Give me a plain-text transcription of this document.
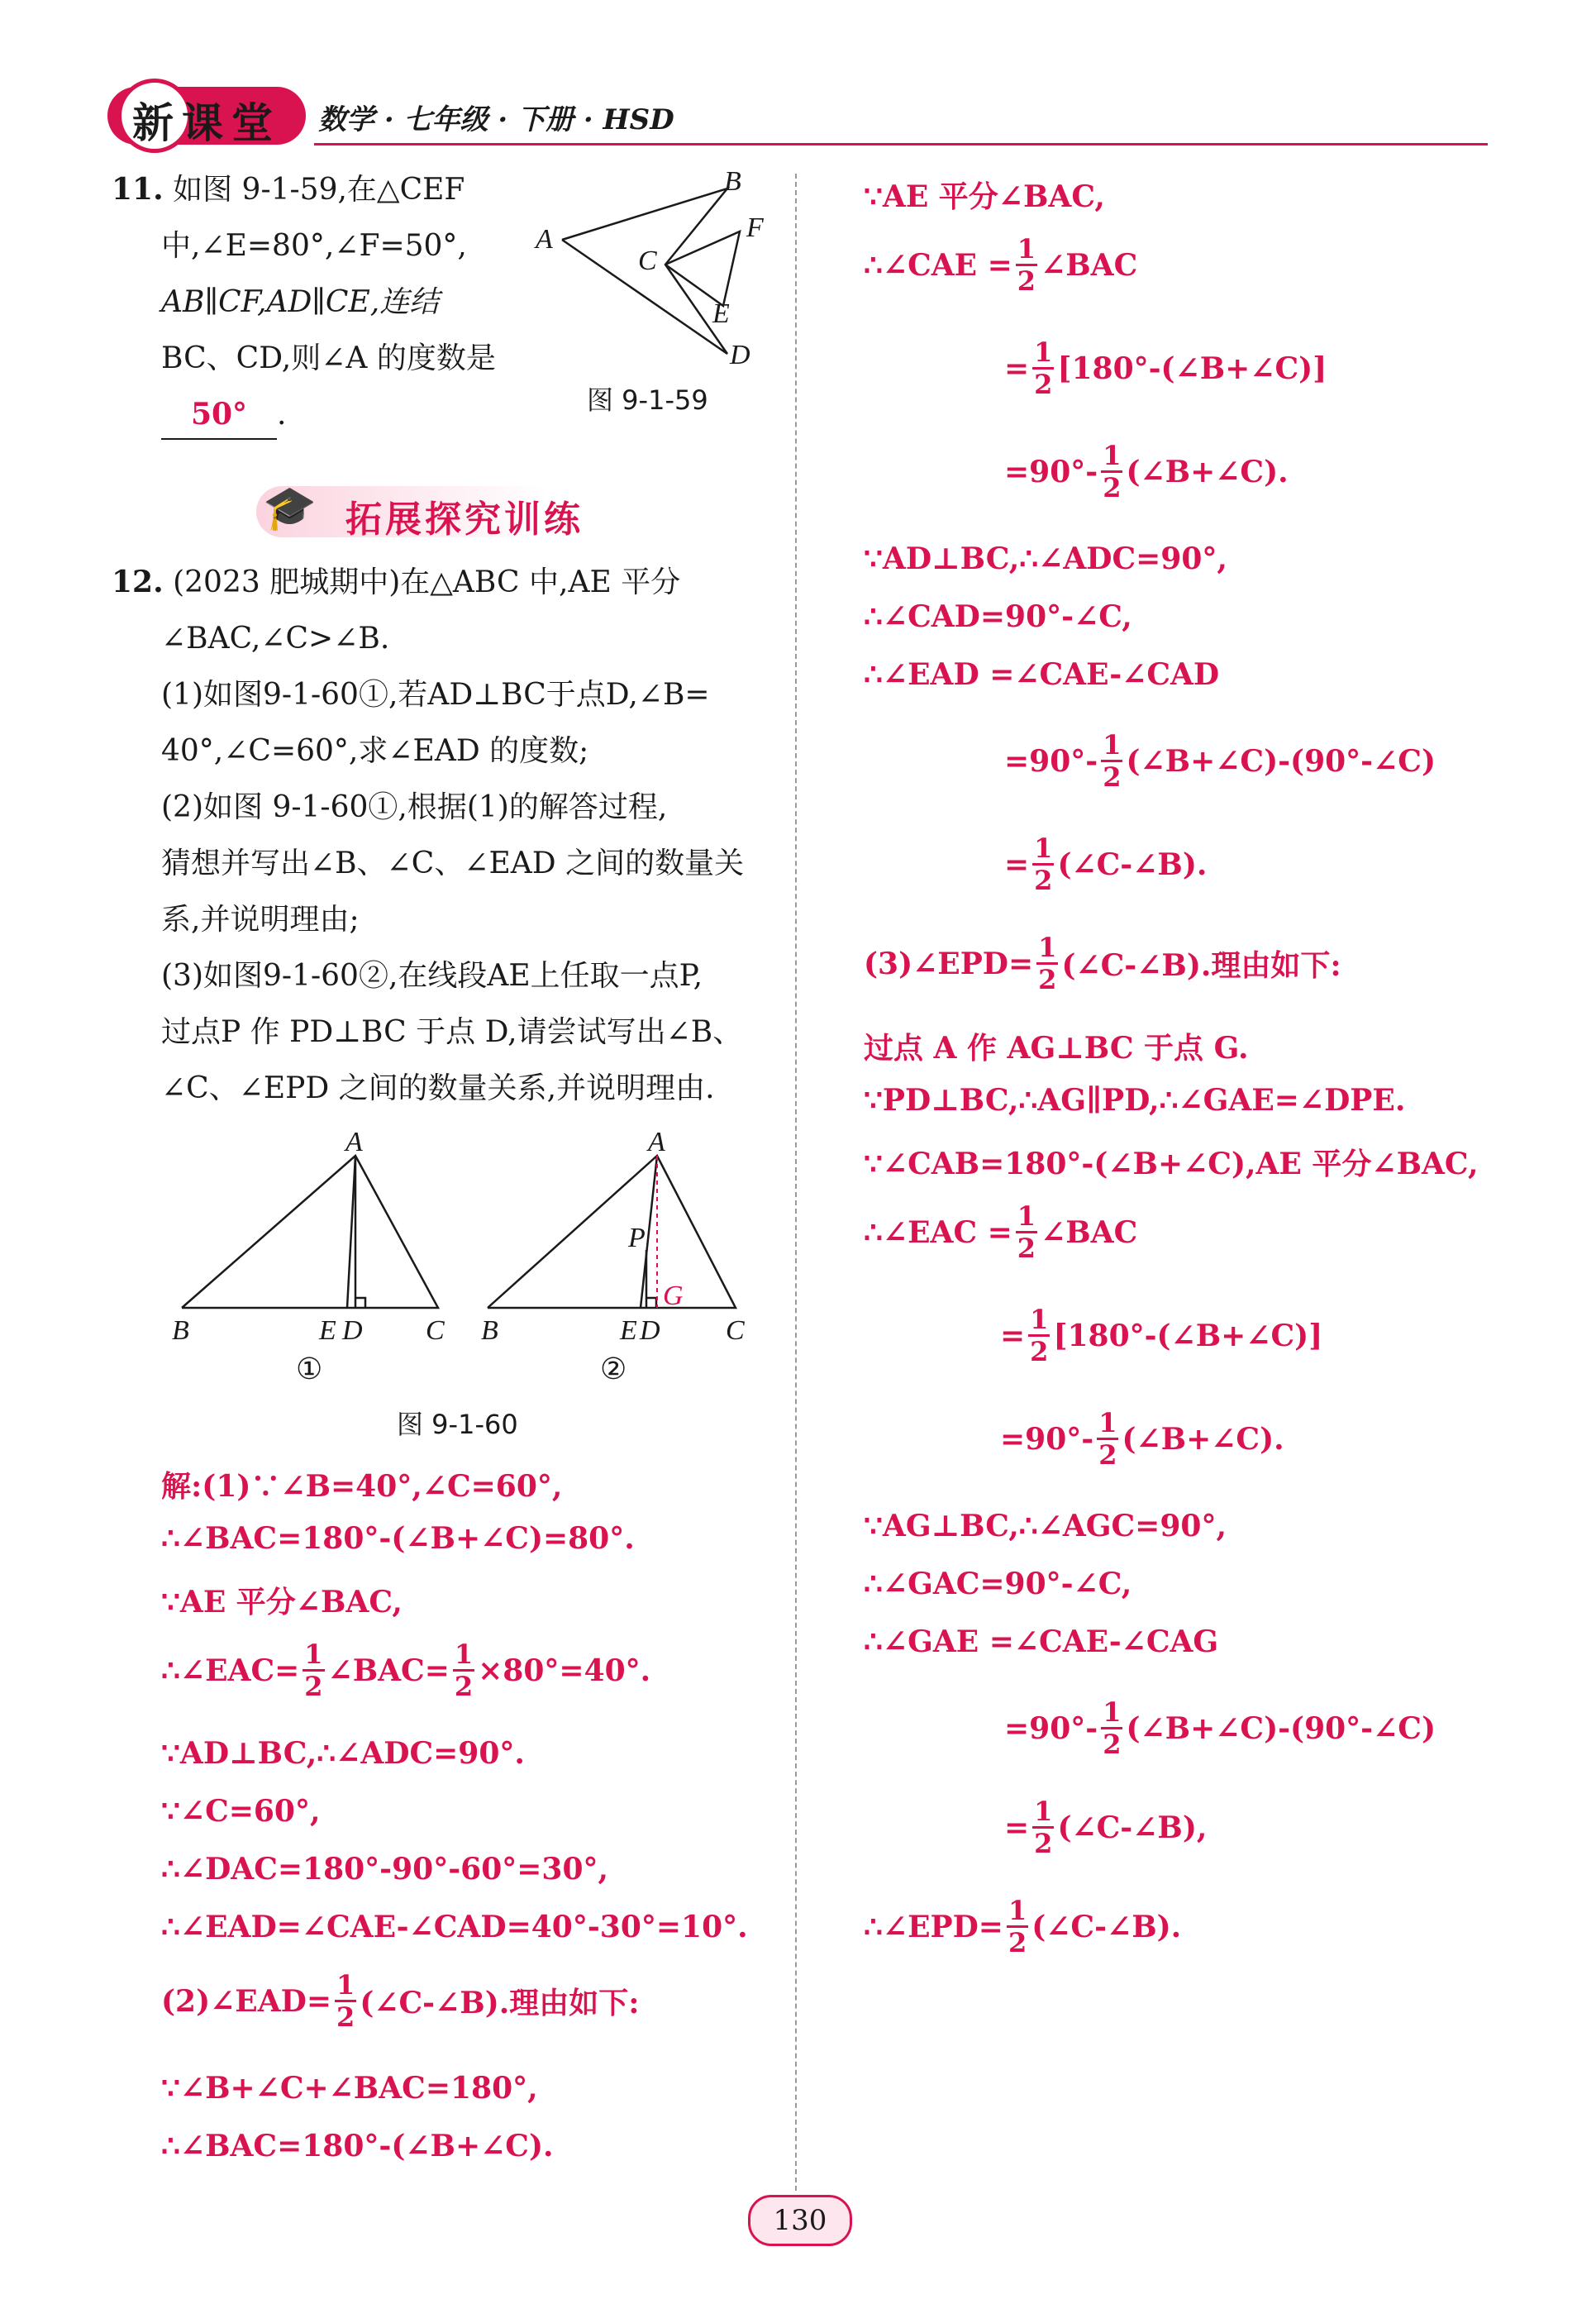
新课堂 数学 · 七年级 · 下册 · HSD
11. 如图 9-1-59,在△CEF
中,∠E=80°,∠F=50°,
AB∥CF,AD∥CE,连结
BC、CD,则∠A 的度数是
50° .
A
B
C
D
E
F
图 9-1-59
🎓 拓展探究训练
12. (2023 肥城期中)在△ABC 中,AE 平分
∠BAC,∠C>∠B.
(1)如图9-1-60①,若AD⊥BC于点D,∠B=
40°,∠C=60°,求∠EAD 的度数;
(2)如图 9-1-60①,根据(1)的解答过程,
猜想并写出∠B、∠C、∠EAD 之间的数量关
系,并说明理由;
(3)如图9-1-60②,在线段AE上任取一点P,
过点P 作 PD⊥BC 于点 D,请尝试写出∠B、
∠C、∠EPD 之间的数量关系,并说明理由.
A
B	E D C
①
A
P
G
B	E D C
②
图 9-1-60
解:(1)∵∠B=40°,∠C=60°,
∴∠BAC=180°-(∠B+∠C)=80°.
∵AE 平分∠BAC,
∴∠EAC= $\frac{1}{2}$ ∠BAC= $\frac{1}{2} \times 80^\circ=40^\circ$.
∵AD⊥BC,∴∠ADC=90°.
∵∠C=60°,
∴∠DAC=180°-90°-60°=30°,
∴∠EAD=∠CAE-∠CAD=40°-30°=10°.
(2)∠EAD= $\frac{1}{2}$ (∠C-∠B).理由如下:
∵∠B+∠C+∠BAC=180°,
∴∠BAC=180°-(∠B+∠C).
∵AE 平分∠BAC,
∴∠CAE = $\frac{1}{2}$ ∠BAC
= $\frac{1}{2}$ [180°-(∠B+∠C)]
$=90^\circ- \frac{1}{2}$ (∠B+∠C).
∵AD⊥BC,∴∠ADC=90°,
∴∠CAD=90°-∠C,
∴∠EAD =∠CAE-∠CAD
$=90^\circ- \frac{1}{2}$ (∠B+∠C)-(90°-∠C)
= $\frac{1}{2}$ (∠C-∠B).
(3)∠EPD= $\frac{1}{2}$ (∠C-∠B).理由如下:
过点 A 作 AG⊥BC 于点 G.
∵PD⊥BC,∴AG∥PD,∴∠GAE=∠DPE.
∵∠CAB=180°-(∠B+∠C),AE 平分∠BAC,
∴∠EAC = $\frac{1}{2}$ ∠BAC
= $\frac{1}{2}$ [180°-(∠B+∠C)]
$=90^\circ- \frac{1}{2}$ (∠B+∠C).
∵AG⊥BC,∴∠AGC=90°,
∴∠GAC=90°-∠C,
∴∠GAE =∠CAE-∠CAG
$=90^\circ- \frac{1}{2}$ (∠B+∠C)-(90°-∠C)
= $\frac{1}{2}$ (∠C-∠B),
∴∠EPD= $\frac{1}{2}$ (∠C-∠B).
130
